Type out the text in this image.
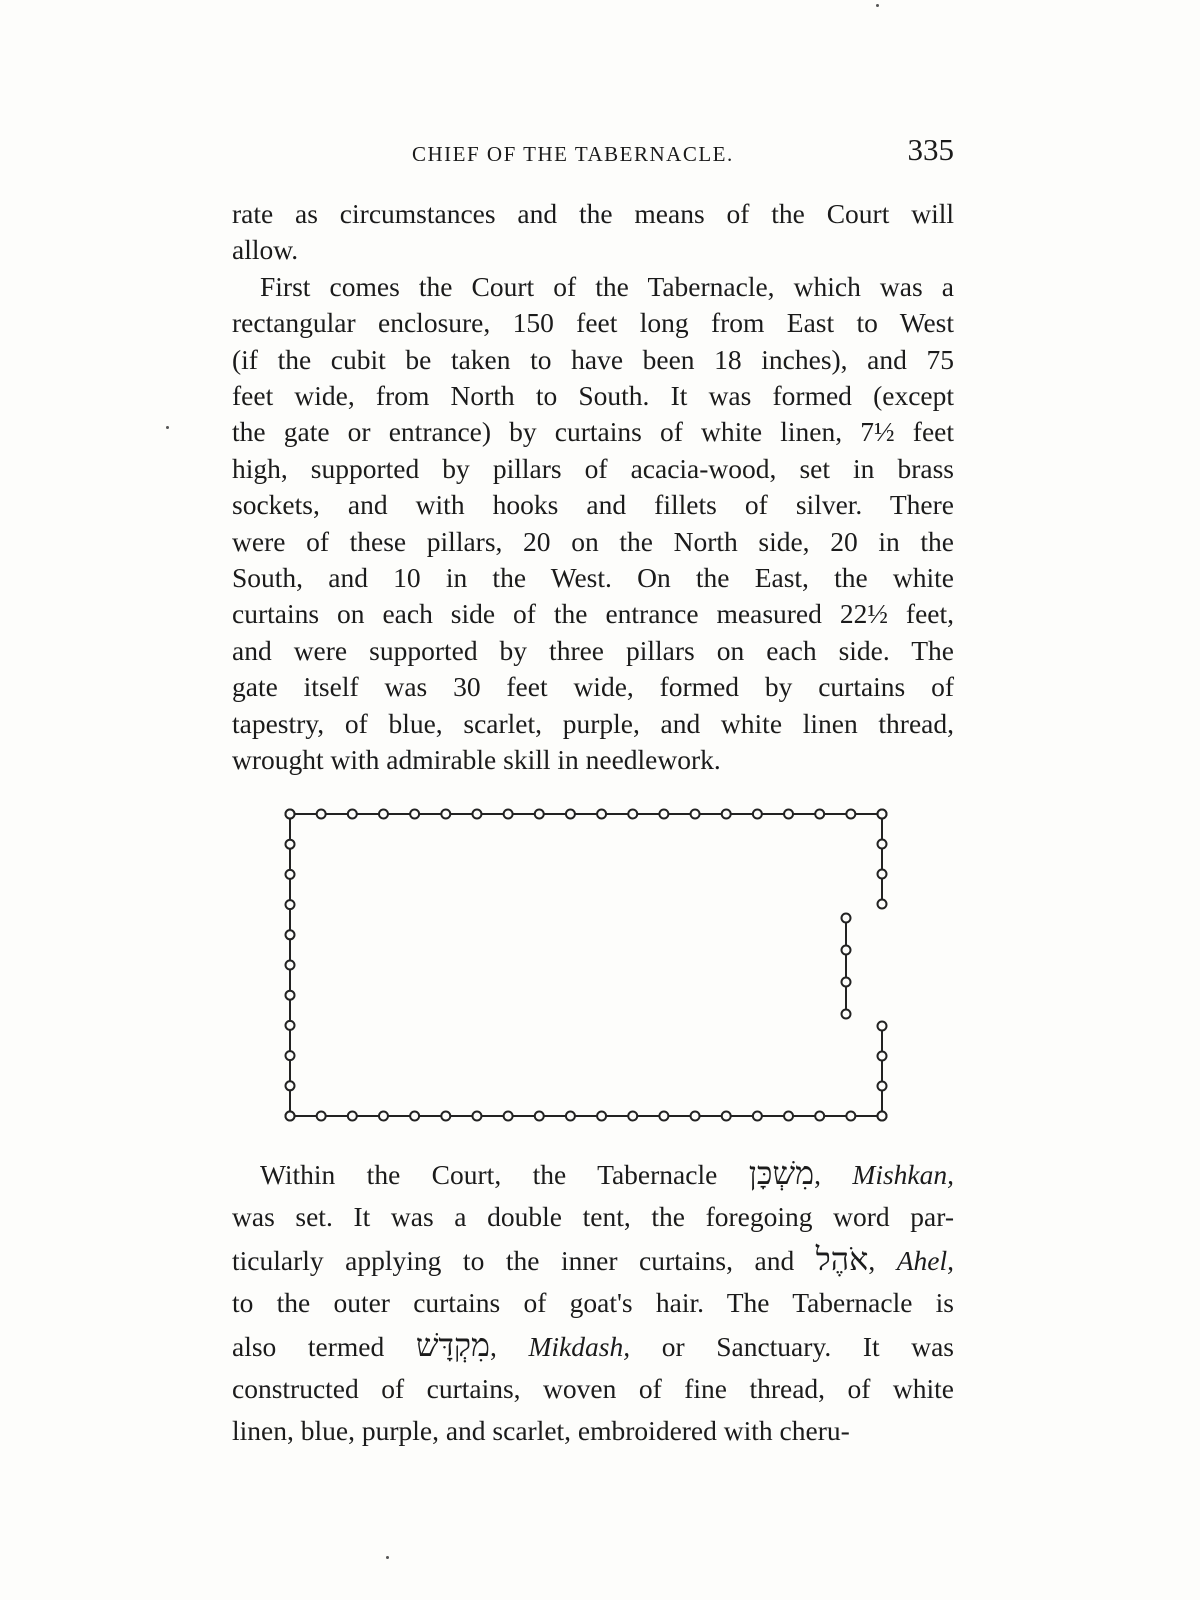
CHIEF OF THE TABERNACLE.	335

rate as circumstances and the means of the Court will
allow.

First comes the Court of the Tabernacle, which was a
rectangular enclosure, 150 feet long from East to West
(if the cubit be taken to have been 18 inches), and 75
feet wide, from North to South. It was formed (except
the gate or entrance) by curtains of white linen, 7½ feet
high, supported by pillars of acacia-wood, set in brass
sockets, and with hooks and fillets of silver. There
were of these pillars, 20 on the North side, 20 in the
South, and 10 in the West. On the East, the white
curtains on each side of the entrance measured 22½ feet,
and were supported by three pillars on each side. The
gate itself was 30 feet wide, formed by curtains of
tapestry, of blue, scarlet, purple, and white linen thread,
wrought with admirable skill in needlework.

Within the Court, the Tabernacle מִשְׁכָּן, Mishkan,
was set. It was a double tent, the foregoing word par-
ticularly applying to the inner curtains, and אֹהֶל, Ahel,
to the outer curtains of goat's hair. The Tabernacle is
also termed מִקְדָּשׁ, Mikdash, or Sanctuary. It was
constructed of curtains, woven of fine thread, of white
linen, blue, purple, and scarlet, embroidered with cheru-
